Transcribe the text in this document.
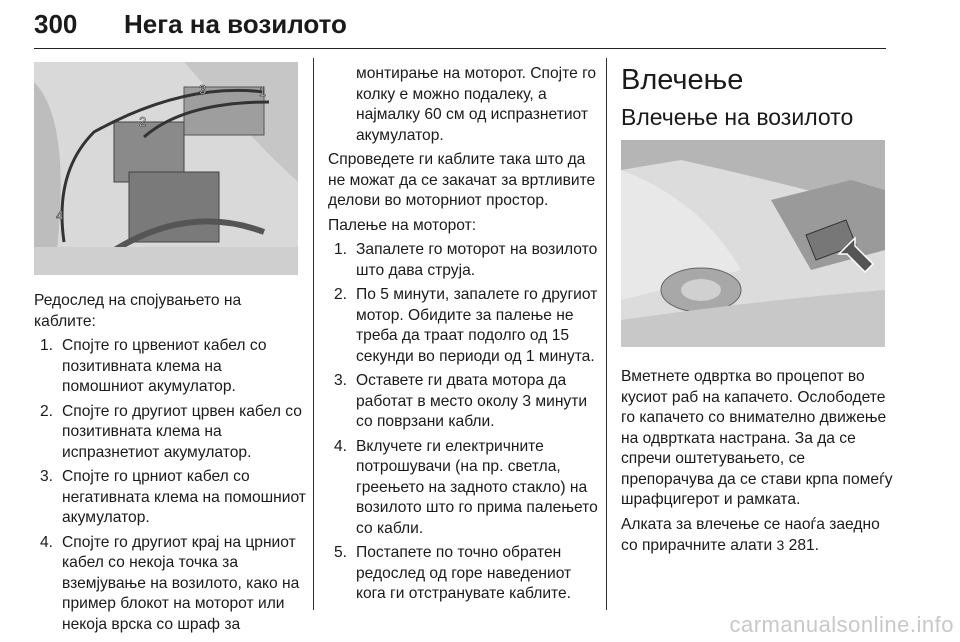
300 Нега на возилото
3	1
2
4

Редослед на спојувањето на каблите:

1. Спојте го црвениот кабел со позитивната клема на помошниот акумулатор.
2. Спојте го другиот црвен кабел со позитивната клема на испразнетиот акумулатор.
3. Спојте го црниот кабел со негативната клема на помошниот акумулатор.
4. Спојте го другиот крај на црниот кабел со некоја точка за вземјување на возилото, како на пример блокот на моторот или некоја врска со шраф за

монтирање на моторот. Спојте го колку е можно подалеку, а најмалку 60 см од испразнетиот акумулатор.

Спроведете ги каблите така што да не можат да се закачат за вртливите делови во моторниот простор.

Палење на моторот:

1. Запалете го моторот на возилото што дава струја.
2. По 5 минути, запалете го другиот мотор. Обидите за палење не треба да траат подолго од 15 секунди во периоди од 1 минута.
3. Оставете ги двата мотора да работат в место околу 3 минути со поврзани кабли.
4. Вклучете ги електричните потрошувачи (на пр. светла, греењето на задното стакло) на возилото што го прима палењето со кабли.
5. Постапете по точно обратен редослед од горе наведениот кога ги отстранувате каблите.
Влечење
Влечење на возилото

Вметнете одвртка во процепот во кусиот раб на капачето. Ослободете го капачето со внимателно движење на одвртката настрана. За да се спречи оштетувањето, се препорачува да се стави крпа помеѓу шрафцигерот и рамката.

Алката за влечење се наоѓа заедно со прирачните алати 3 281.

carmanualsonline.info
